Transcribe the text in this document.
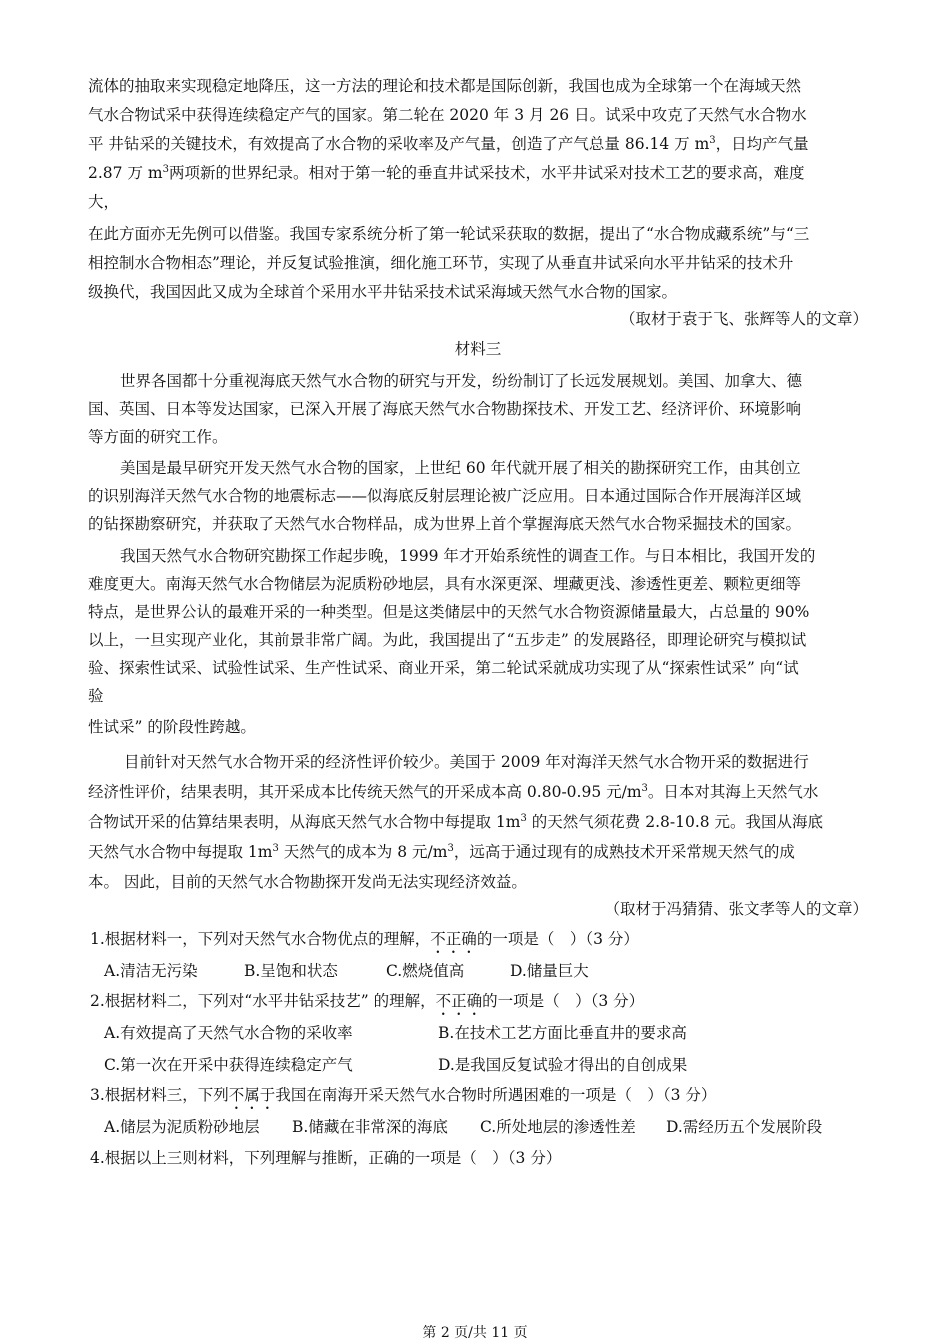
流体的抽取来实现稳定地降压，这一方法的理论和技术都是国际创新，我国也成为全球第一个在海域天然
气水合物试采中获得连续稳定产气的国家。第二轮在 2020 年 3 月 26 日。试采中攻克了天然气水合物水
平 井钻采的关键技术，有效提高了水合物的采收率及产气量，创造了产气总量 86.14 万 $m^3$，日均产气量
2.87 万 $m^3$两项新的世界纪录。相对于第一轮的垂直井试采技术，水平井试采对技术工艺的要求高，难度
大，
在此方面亦无先例可以借鉴。我国专家系统分析了第一轮试采获取的数据，提出了“水合物成藏系统”与“三
相控制水合物相态”理论，并反复试验推演，细化施工环节，实现了从垂直井试采向水平井钻采的技术升
级换代，我国因此又成为全球首个采用水平井钻采技术试采海域天然气水合物的国家。
（取材于袁于飞、张辉等人的文章）
材料三
世界各国都十分重视海底天然气水合物的研究与开发，纷纷制订了长远发展规划。美国、加拿大、德
国、英国、日本等发达国家，已深入开展了海底天然气水合物勘探技术、开发工艺、经济评价、环境影响
等方面的研究工作。
美国是最早研究开发天然气水合物的国家，上世纪 60 年代就开展了相关的勘探研究工作，由其创立
的识别海洋天然气水合物的地震标志——似海底反射层理论被广泛应用。日本通过国际合作开展海洋区域
的钻探勘察研究，并获取了天然气水合物样品，成为世界上首个掌握海底天然气水合物采掘技术的国家。
我国天然气水合物研究勘探工作起步晚，1999 年才开始系统性的调查工作。与日本相比，我国开发的
难度更大。南海天然气水合物储层为泥质粉砂地层，具有水深更深、埋藏更浅、渗透性更差、颗粒更细等
特点，是世界公认的最难开采的一种类型。但是这类储层中的天然气水合物资源储量最大，占总量的 90%
以上，一旦实现产业化，其前景非常广阔。为此，我国提出了“五步走” 的发展路径，即理论研究与模拟试
验、探索性试采、试验性试采、生产性试采、商业开采，第二轮试采就成功实现了从“探索性试采” 向“试
验
性试采” 的阶段性跨越。
目前针对天然气水合物开采的经济性评价较少。美国于 2009 年对海洋天然气水合物开采的数据进行
经济性评价，结果表明，其开采成本比传统天然气的开采成本高 0.80-0.95 元$/m^3$。日本对其海上天然气水
合物试开采的估算结果表明，从海底天然气水合物中每提取 $1m^3$ 的天然气须花费 2.8-10.8 元。我国从海底
天然气水合物中每提取 $1m^3$ 天然气的成本为 8 元$/m^3$，远高于通过现有的成熟技术开采常规天然气的成
本。 因此，目前的天然气水合物勘探开发尚无法实现经济效益。
（取材于冯猜猜、张文孝等人的文章）
1.根据材料一，下列对天然气水合物优点的理解，不正确的一项是（　）（3 分）
A.清洁无污染	B.呈饱和状态	C.燃烧值高	D.储量巨大
2.根据材料二，下列对“水平井钻采技艺” 的理解，不正确的一项是（　）（3 分）
A.有效提高了天然气水合物的采收率	B.在技术工艺方面比垂直井的要求高
C.第一次在开采中获得连续稳定产气	D.是我国反复试验才得出的自创成果
3.根据材料三，下列不属于我国在南海开采天然气水合物时所遇困难的一项是（　）（3 分）
A.储层为泥质粉砂地层 B.储藏在非常深的海底 C.所处地层的渗透性差 D.需经历五个发展阶段
4.根据以上三则材料，下列理解与推断，正确的一项是（　）（3 分）
第 2 页/共 11 页
